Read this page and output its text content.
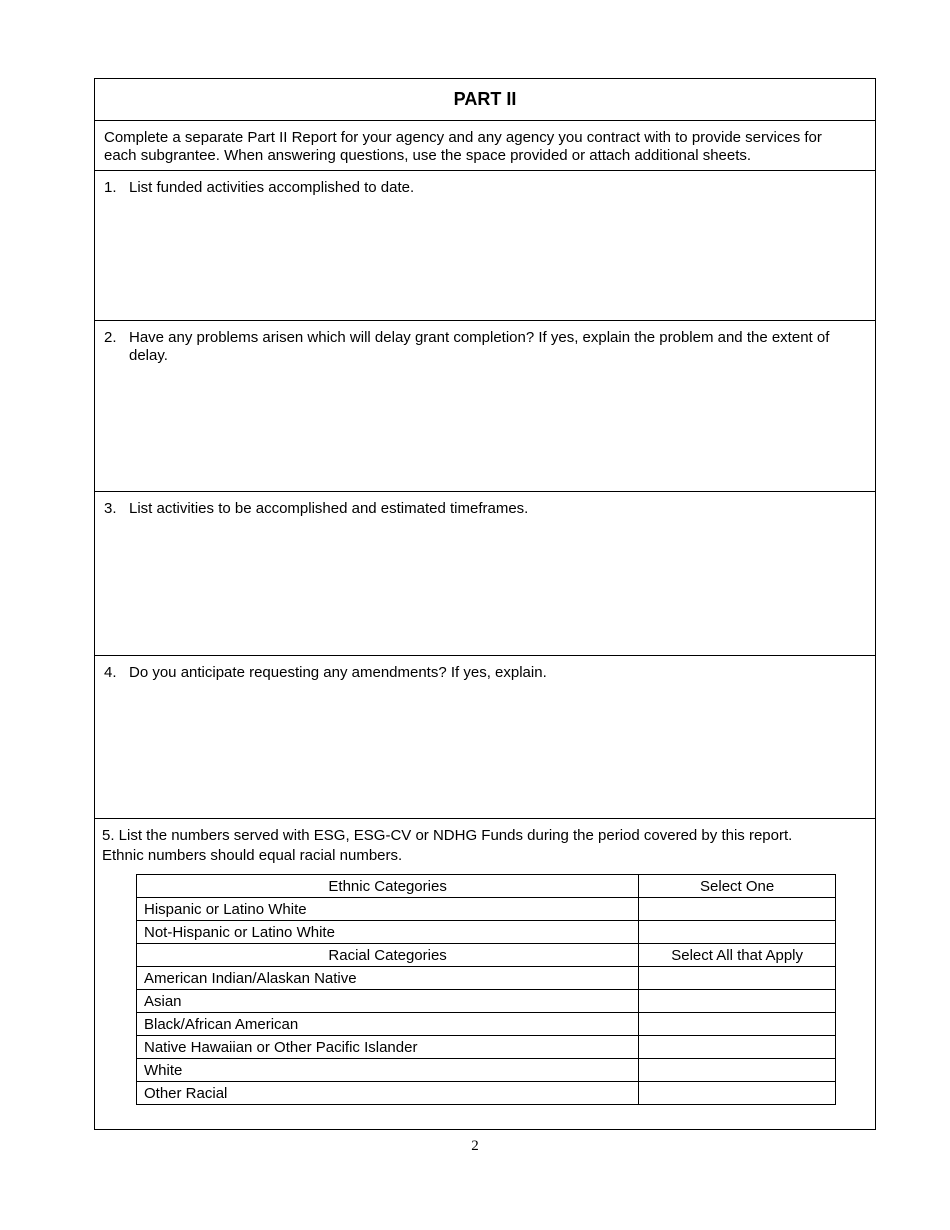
PART II
Complete a separate Part II Report for your agency and any agency you contract with to provide services for each subgrantee. When answering questions, use the space provided or attach additional sheets.
1. List funded activities accomplished to date.
2. Have any problems arisen which will delay grant completion? If yes, explain the problem and the extent of delay.
3. List activities to be accomplished and estimated timeframes.
4. Do you anticipate requesting any amendments? If yes, explain.
5. List the numbers served with ESG, ESG-CV or NDHG Funds during the period covered by this report. Ethnic numbers should equal racial numbers.
Ethnic Categories	Select One
Hispanic or Latino White	
Not-Hispanic or Latino White	
Racial Categories	Select All that Apply
American Indian/Alaskan Native	
Asian	
Black/African American	
Native Hawaiian or Other Pacific Islander	
White	
Other Racial	
2
